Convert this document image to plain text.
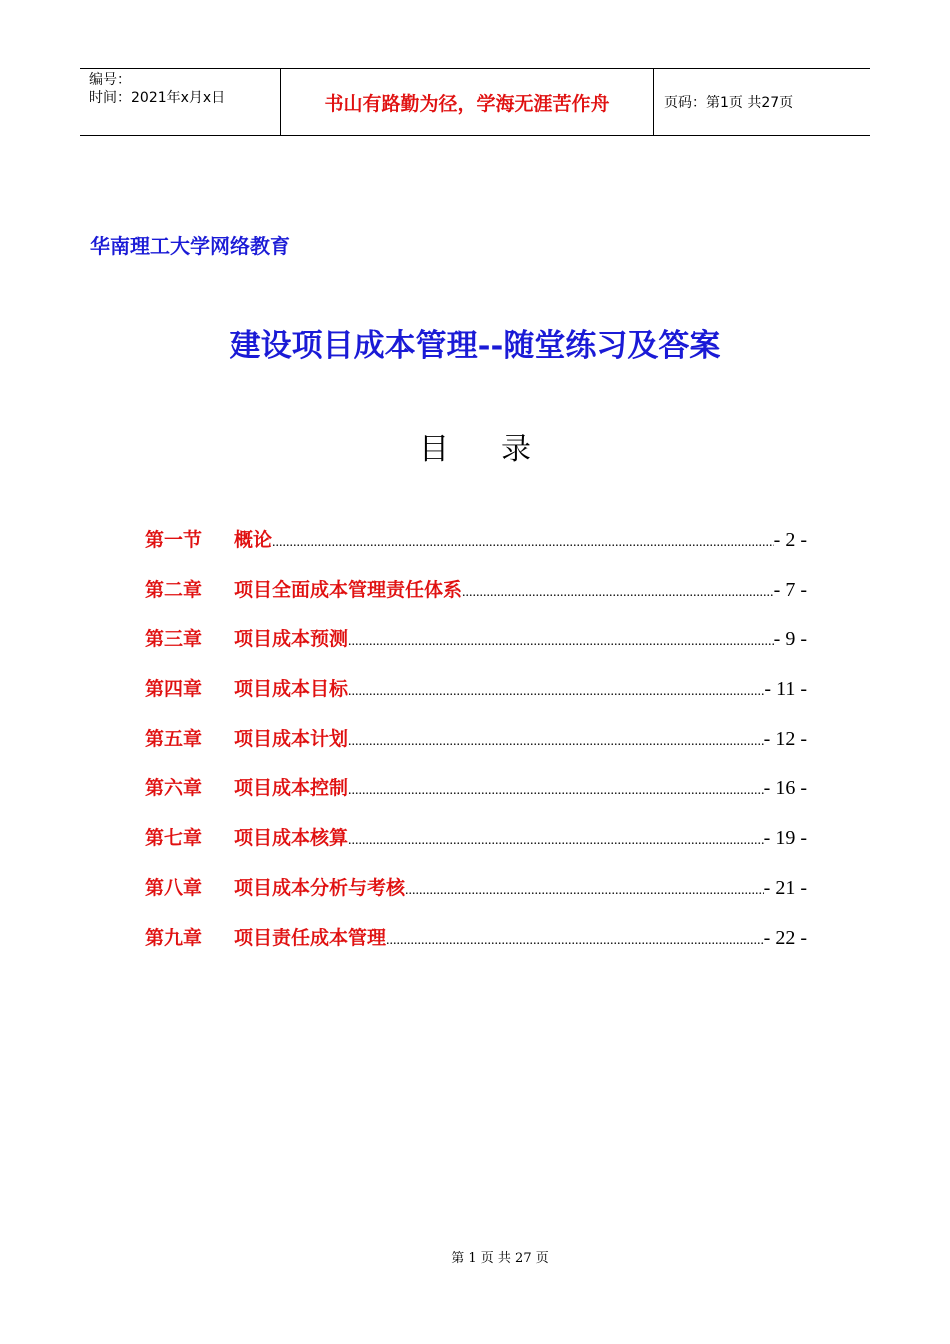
编号：
时间：2021年x月x日	书山有路勤为径，学海无涯苦作舟	页码：第1页 共27页
华南理工大学网络教育
建设项目成本管理--随堂练习及答案
目录
第一节	概论 .....	- 2 -
第二章	项目全面成本管理责任体系 .....	- 7 -
第三章	项目成本预测 .....	- 9 -
第四章	项目成本目标 .....	- 11 -
第五章	项目成本计划 .....	- 12 -
第六章	项目成本控制 .....	- 16 -
第七章	项目成本核算 .....	- 19 -
第八章	项目成本分析与考核 .....	- 21 -
第九章	项目责任成本管理 .....	- 22 -
第 1 页 共 27 页
